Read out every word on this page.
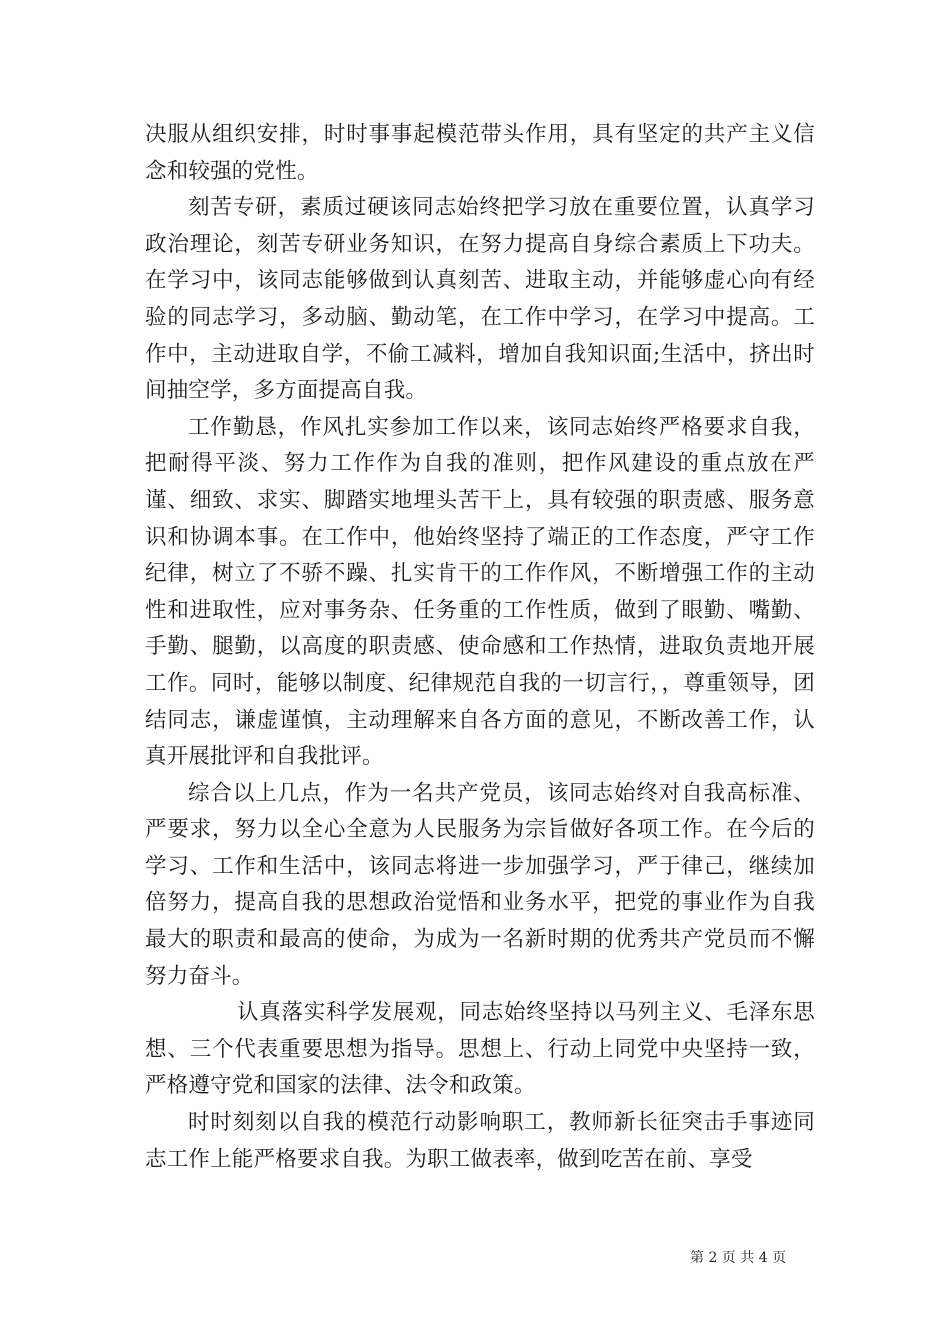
决服从组织安排，时时事事起模范带头作用，具有坚定的共产主义信念和较强的党性。

刻苦专研，素质过硬该同志始终把学习放在重要位置，认真学习政治理论，刻苦专研业务知识，在努力提高自身综合素质上下功夫。在学习中，该同志能够做到认真刻苦、进取主动，并能够虚心向有经验的同志学习，多动脑、勤动笔，在工作中学习，在学习中提高。工作中，主动进取自学，不偷工减料，增加自我知识面;生活中，挤出时间抽空学，多方面提高自我。

工作勤恳，作风扎实参加工作以来，该同志始终严格要求自我，把耐得平淡、努力工作作为自我的准则，把作风建设的重点放在严谨、细致、求实、脚踏实地埋头苦干上，具有较强的职责感、服务意识和协调本事。在工作中，他始终坚持了端正的工作态度，严守工作纪律，树立了不骄不躁、扎实肯干的工作作风，不断增强工作的主动性和进取性，应对事务杂、任务重的工作性质，做到了眼勤、嘴勤、手勤、腿勤，以高度的职责感、使命感和工作热情，进取负责地开展工作。同时，能够以制度、纪律规范自我的一切言行，，尊重领导，团结同志，谦虚谨慎，主动理解来自各方面的意见，不断改善工作，认真开展批评和自我批评。

综合以上几点，作为一名共产党员，该同志始终对自我高标准、严要求，努力以全心全意为人民服务为宗旨做好各项工作。在今后的学习、工作和生活中，该同志将进一步加强学习，严于律己，继续加倍努力，提高自我的思想政治觉悟和业务水平，把党的事业作为自我最大的职责和最高的使命，为成为一名新时期的优秀共产党员而不懈努力奋斗。

认真落实科学发展观，同志始终坚持以马列主义、毛泽东思想、三个代表重要思想为指导。思想上、行动上同党中央坚持一致，严格遵守党和国家的法律、法令和政策。

时时刻刻以自我的模范行动影响职工，教师新长征突击手事迹同志工作上能严格要求自我。为职工做表率，做到吃苦在前、享受

第 2 页 共 4 页
